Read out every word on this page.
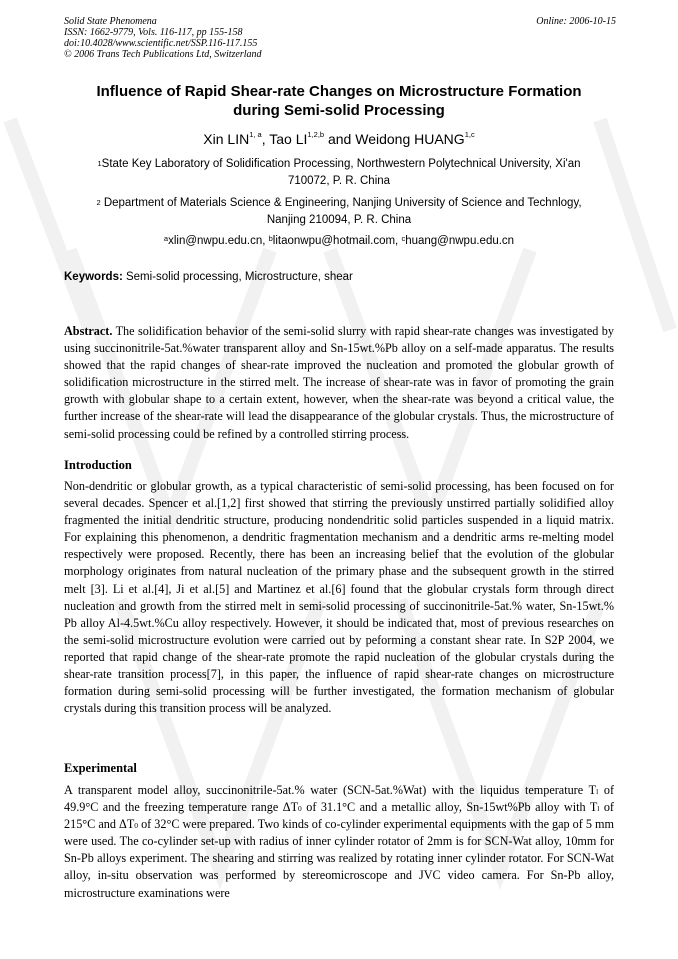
Solid State Phenomena
ISSN: 1662-9779, Vols. 116-117, pp 155-158
doi:10.4028/www.scientific.net/SSP.116-117.155
© 2006 Trans Tech Publications Ltd, Switzerland
Online: 2006-10-15
Influence of Rapid Shear-rate Changes on Microstructure Formation
during Semi-solid Processing
Xin LIN$^{1, a}$, Tao LI$^{1,2,b}$ and Weidong HUANG$^{1,c}$
$^1$State Key Laboratory of Solidification Processing, Northwestern Polytechnical University, Xi'an
710072, P. R. China
$^2$ Department of Materials Science & Engineering, Nanjing University of Science and Technlogy,
Nanjing 210094, P. R. China
$^a$xlin@nwpu.edu.cn, $^b$litaonwpu@hotmail.com, $^c$huang@nwpu.edu.cn
Keywords: Semi-solid processing, Microstructure, shear
Abstract. The solidification behavior of the semi-solid slurry with rapid shear-rate changes was investigated by using succinonitrile-5at.%water transparent alloy and Sn-15wt.%Pb alloy on a self-made apparatus. The results showed that the rapid changes of shear-rate improved the nucleation and promoted the globular growth of solidification microstructure in the stirred melt. The increase of shear-rate was in favor of promoting the grain growth with globular shape to a certain extent, however, when the shear-rate was beyond a critical value, the further increase of the shear-rate will lead the disappearance of the globular crystals. Thus, the microstructure of semi-solid processing could be refined by a controlled stirring process.
Introduction
Non-dendritic or globular growth, as a typical characteristic of semi-solid processing, has been focused on for several decades. Spencer et al.[1,2] first showed that stirring the previously unstirred partially solidified alloy fragmented the initial dendritic structure, producing nondendritic solid particles suspended in a liquid matrix. For explaining this phenomenon, a dendritic fragmentation mechanism and a dendritic arms re-melting model respectively were proposed. Recently, there has been an increasing belief that the evolution of the globular morphology originates from natural nucleation of the primary phase and the subsequent growth in the stirred melt [3]. Li et al.[4], Ji et al.[5] and Martinez et al.[6] found that the globular crystals form through direct nucleation and growth from the stirred melt in semi-solid processing of succinonitrile-5at.% water, Sn-15wt.% Pb alloy Al-4.5wt.%Cu alloy respectively. However, it should be indicated that, most of previous researches on the semi-solid microstructure evolution were carried out by peforming a constant shear rate. In S2P 2004, we reported that rapid change of the shear-rate promote the rapid nucleation of the globular crystals during the shear-rate transition process[7], in this paper, the influence of rapid shear-rate changes on microstructure formation during semi-solid processing will be further investigated, the formation mechanism of globular crystals during this transition process will be analyzed.
Experimental
A transparent model alloy, succinonitrile-5at.% water (SCN-5at.%Wat) with the liquidus temperature $T_l$ of 49.9°C and the freezing temperature range $\Delta T_0$ of 31.1°C and a metallic alloy, Sn-15wt%Pb alloy with $T_l$ of 215°C and $\Delta T_0$ of 32°C were prepared. Two kinds of co-cylinder experimental equipments with the gap of 5 mm were used. The co-cylinder set-up with radius of inner cylinder rotator of 2mm is for SCN-Wat alloy, 10mm for Sn-Pb alloys experiment. The shearing and stirring was realized by rotating inner cylinder rotator. For SCN-Wat alloy, in-situ observation was performed by stereomicroscope and JVC video camera. For Sn-Pb alloy, microstructure examinations were
